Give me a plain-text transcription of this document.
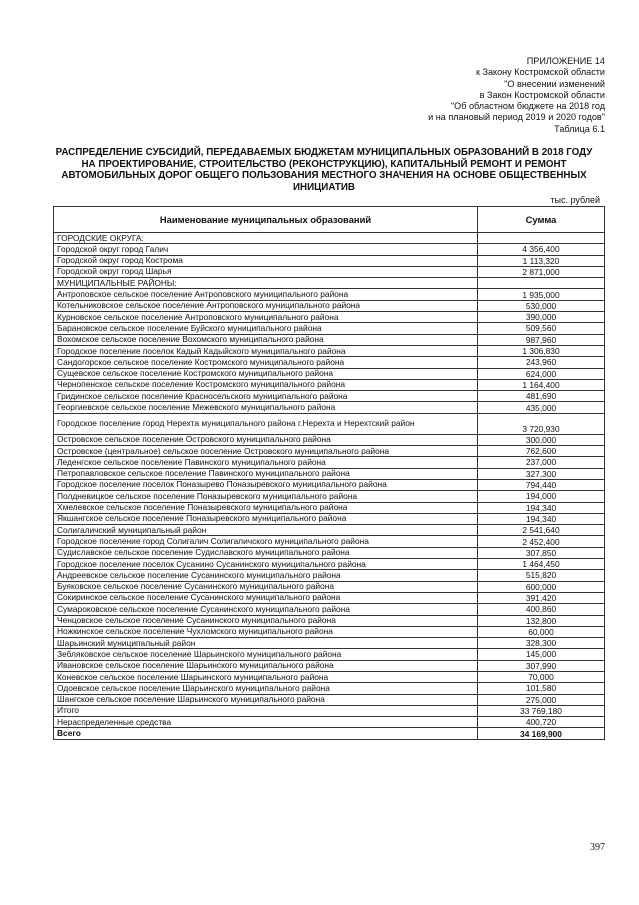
ПРИЛОЖЕНИЕ 14
к Закону Костромской области
"О внесении изменений
в Закон Костромской области
"Об областном бюджете на 2018 год
и на плановый период 2019 и 2020 годов"
Таблица 6.1
РАСПРЕДЕЛЕНИЕ СУБСИДИЙ, ПЕРЕДАВАЕМЫХ БЮДЖЕТАМ МУНИЦИПАЛЬНЫХ ОБРАЗОВАНИЙ В 2018 ГОДУ НА ПРОЕКТИРОВАНИЕ, СТРОИТЕЛЬСТВО (РЕКОНСТРУКЦИЮ), КАПИТАЛЬНЫЙ РЕМОНТ И РЕМОНТ АВТОМОБИЛЬНЫХ ДОРОГ ОБЩЕГО ПОЛЬЗОВАНИЯ МЕСТНОГО ЗНАЧЕНИЯ НА ОСНОВЕ ОБЩЕСТВЕННЫХ ИНИЦИАТИВ
тыс. рублей
Наименование муниципальных образований	Сумма
ГОРОДСКИЕ ОКРУГА:	
Городской округ город Галич	4 356,400
Городской округ город Кострома	1 113,320
Городской округ город Шарья	2 871,000
МУНИЦИПАЛЬНЫЕ РАЙОНЫ:	
Антроповское сельское поселение Антроповского муниципального района	1 935,000
Котельниковское сельское поселение Антроповского муниципального района	530,000
Курновское сельское поселение Антроповского муниципального района	390,000
Барановское сельское поселение Буйского муниципального района	509,560
Вохомское сельское поселение Вохомского муниципального района	987,960
Городское поселение поселок Кадый Кадыйского муниципального района	1 306,830
Сандогорское сельское поселение Костромского муниципального района	243,960
Сущевское сельское поселение Костромского муниципального района	624,000
Чернопенское сельское поселение Костромского муниципального района	1 164,400
Гридинское сельское поселение Красносельского муниципального района	481,690
Георгиевское сельское поселение Межевского муниципального района	435,000
Городское поселение город Нерехта муниципального района г.Нерехта и Нерехтский район	3 720,930
Островское сельское поселение Островского муниципального района	300,000
Островское (центральное) сельское поселение Островского муниципального района	762,600
Леденгское сельское поселение Павинского муниципального района	237,000
Петропавловское сельское поселение Павинского муниципального района	327,300
Городское поселение поселок Поназырево Поназыревского муниципального района	794,440
Полдневицкое сельское поселение Поназыревского муниципального района	194,000
Хмелевское сельское поселение Поназыревского муниципального района	194,340
Якшангское сельское поселение Поназыревского муниципального района	194,340
Солигаличский муниципальный район	2 541,640
Городское поселение город Солигалич Солигаличского муниципального района	2 452,400
Судиславское сельское поселение Судиславского муниципального района	307,850
Городское поселение поселок Сусанино Сусанинского муниципального района	1 464,450
Андреевское сельское поселение Сусанинского муниципального района	515,820
Буяковское сельское поселение Сусанинского муниципального района	600,000
Сокиринское сельское поселение Сусанинского муниципального района	391,420
Сумароковское сельское поселение Сусанинского муниципального района	400,860
Ченцовское сельское поселение Сусанинского муниципального района	132,800
Ножкинское сельское поселение Чухломского муниципального района	60,000
Шарьинский муниципальный район	328,300
Зебляковское сельское поселение Шарьинского муниципального района	145,000
Ивановское сельское поселение Шарьинского муниципального района	307,990
Коневское сельское поселение Шарьинского муниципального района	70,000
Одоевское сельское поселение Шарьинского муниципального района	101,580
Шангское сельское поселение Шарьинского муниципального района	275,000
Итого	33 769,180
Нераспределенные средства	400,720
Всего	34 169,900
397
